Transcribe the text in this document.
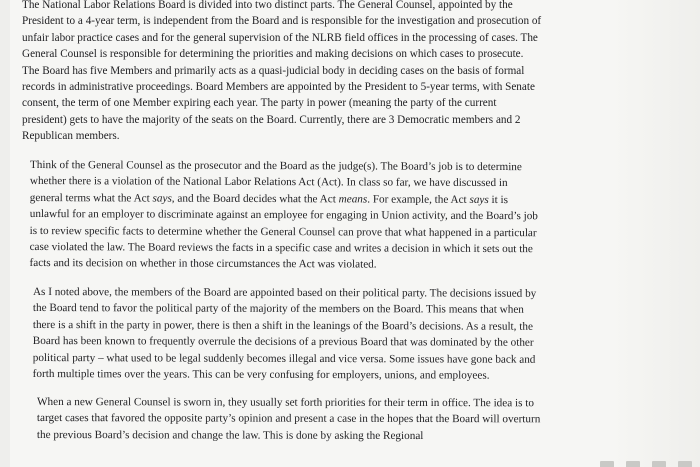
The National Labor Relations Board is divided into two distinct parts. The General Counsel, appointed by the President to a 4-year term, is independent from the Board and is responsible for the investigation and prosecution of unfair labor practice cases and for the general supervision of the NLRB field offices in the processing of cases. The General Counsel is responsible for determining the priorities and making decisions on which cases to prosecute. The Board has five Members and primarily acts as a quasi-judicial body in deciding cases on the basis of formal records in administrative proceedings. Board Members are appointed by the President to 5-year terms, with Senate consent, the term of one Member expiring each year. The party in power (meaning the party of the current president) gets to have the majority of the seats on the Board. Currently, there are 3 Democratic members and 2 Republican members.

Think of the General Counsel as the prosecutor and the Board as the judge(s). The Board’s job is to determine whether there is a violation of the National Labor Relations Act (Act). In class so far, we have discussed in general terms what the Act says, and the Board decides what the Act means. For example, the Act says it is unlawful for an employer to discriminate against an employee for engaging in Union activity, and the Board’s job is to review specific facts to determine whether the General Counsel can prove that what happened in a particular case violated the law. The Board reviews the facts in a specific case and writes a decision in which it sets out the facts and its decision on whether in those circumstances the Act was violated.

As I noted above, the members of the Board are appointed based on their political party. The decisions issued by the Board tend to favor the political party of the majority of the members on the Board. This means that when there is a shift in the party in power, there is then a shift in the leanings of the Board’s decisions. As a result, the Board has been known to frequently overrule the decisions of a previous Board that was dominated by the other political party – what used to be legal suddenly becomes illegal and vice versa. Some issues have gone back and forth multiple times over the years. This can be very confusing for employers, unions, and employees.

When a new General Counsel is sworn in, they usually set forth priorities for their term in office. The idea is to target cases that favored the opposite party’s opinion and present a case in the hopes that the Board will overturn the previous Board’s decision and change the law. This is done by asking the Regional
